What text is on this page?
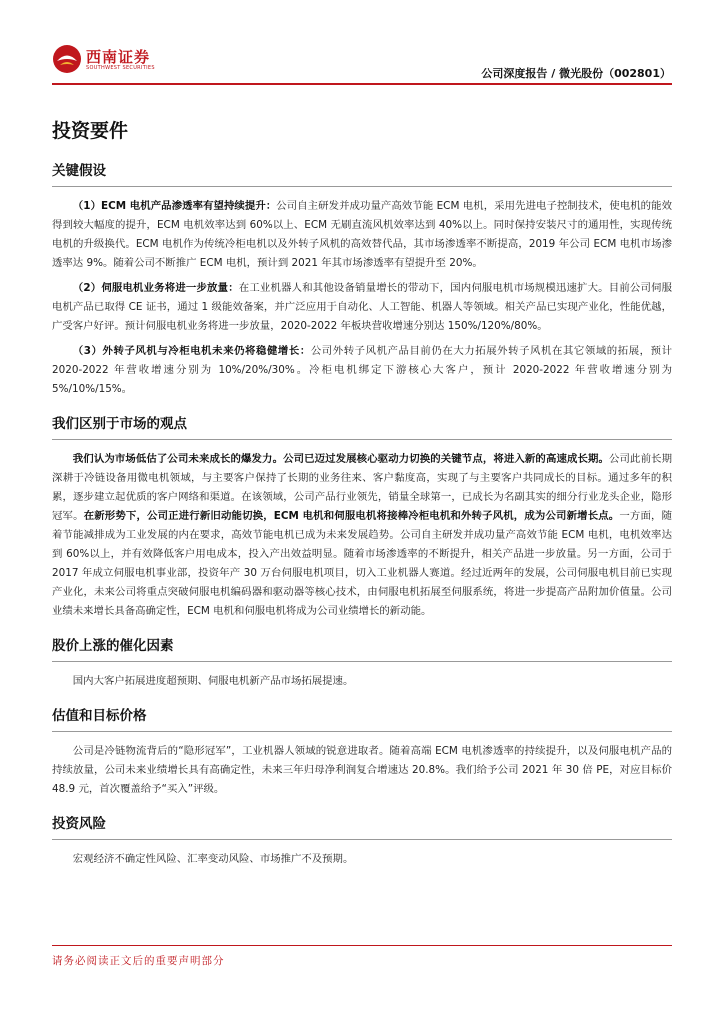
西南证券
SOUTHWEST SECURITIES	公司深度报告 / 微光股份（002801）
投资要件
关键假设

（1）ECM 电机产品渗透率有望持续提升：公司自主研发并成功量产高效节能 ECM 电机，采用先进电子控制技术，使电机的能效得到较大幅度的提升，ECM 电机效率达到 60%以上、ECM 无刷直流风机效率达到 40%以上。同时保持安装尺寸的通用性，实现传统电机的升级换代。ECM 电机作为传统冷柜电机以及外转子风机的高效替代品，其市场渗透率不断提高，2019 年公司 ECM 电机市场渗透率达 9%。随着公司不断推广 ECM 电机，预计到 2021 年其市场渗透率有望提升至 20%。

（2）伺服电机业务将进一步放量：在工业机器人和其他设备销量增长的带动下，国内伺服电机市场规模迅速扩大。目前公司伺服电机产品已取得 CE 证书，通过 1 级能效备案，并广泛应用于自动化、人工智能、机器人等领域。相关产品已实现产业化，性能优越，广受客户好评。预计伺服电机业务将进一步放量，2020-2022 年板块营收增速分别达 150%/120%/80%。

（3）外转子风机与冷柜电机未来仍将稳健增长：公司外转子风机产品目前仍在大力拓展外转子风机在其它领域的拓展，预计 2020-2022 年营收增速分别为 10%/20%/30%。冷柜电机绑定下游核心大客户，预计 2020-2022 年营收增速分别为 5%/10%/15%。

我们区别于市场的观点

我们认为市场低估了公司未来成长的爆发力。公司已迈过发展核心驱动力切换的关键节点，将进入新的高速成长期。公司此前长期深耕于冷链设备用微电机领域，与主要客户保持了长期的业务往来、客户黏度高，实现了与主要客户共同成长的目标。通过多年的积累，逐步建立起优质的客户网络和渠道。在该领域，公司产品行业领先，销量全球第一，已成长为名副其实的细分行业龙头企业，隐形冠军。在新形势下，公司正进行新旧动能切换，ECM 电机和伺服电机将接棒冷柜电机和外转子风机，成为公司新增长点。一方面，随着节能减排成为工业发展的内在要求，高效节能电机已成为未来发展趋势。公司自主研发并成功量产高效节能 ECM 电机，电机效率达到 60%以上，并有效降低客户用电成本，投入产出效益明显。随着市场渗透率的不断提升，相关产品进一步放量。另一方面，公司于 2017 年成立伺服电机事业部，投资年产 30 万台伺服电机项目，切入工业机器人赛道。经过近两年的发展，公司伺服电机目前已实现产业化，未来公司将重点突破伺服电机编码器和驱动器等核心技术，由伺服电机拓展至伺服系统，将进一步提高产品附加价值量。公司业绩未来增长具备高确定性，ECM 电机和伺服电机将成为公司业绩增长的新动能。

股价上涨的催化因素

国内大客户拓展进度超预期、伺服电机新产品市场拓展提速。

估值和目标价格

公司是冷链物流背后的“隐形冠军”，工业机器人领域的锐意进取者。随着高端 ECM 电机渗透率的持续提升，以及伺服电机产品的持续放量，公司未来业绩增长具有高确定性，未来三年归母净利润复合增速达 20.8%。我们给予公司 2021 年 30 倍 PE，对应目标价 48.9 元，首次覆盖给予“买入”评级。

投资风险

宏观经济不确定性风险、汇率变动风险、市场推广不及预期。

请务必阅读正文后的重要声明部分
